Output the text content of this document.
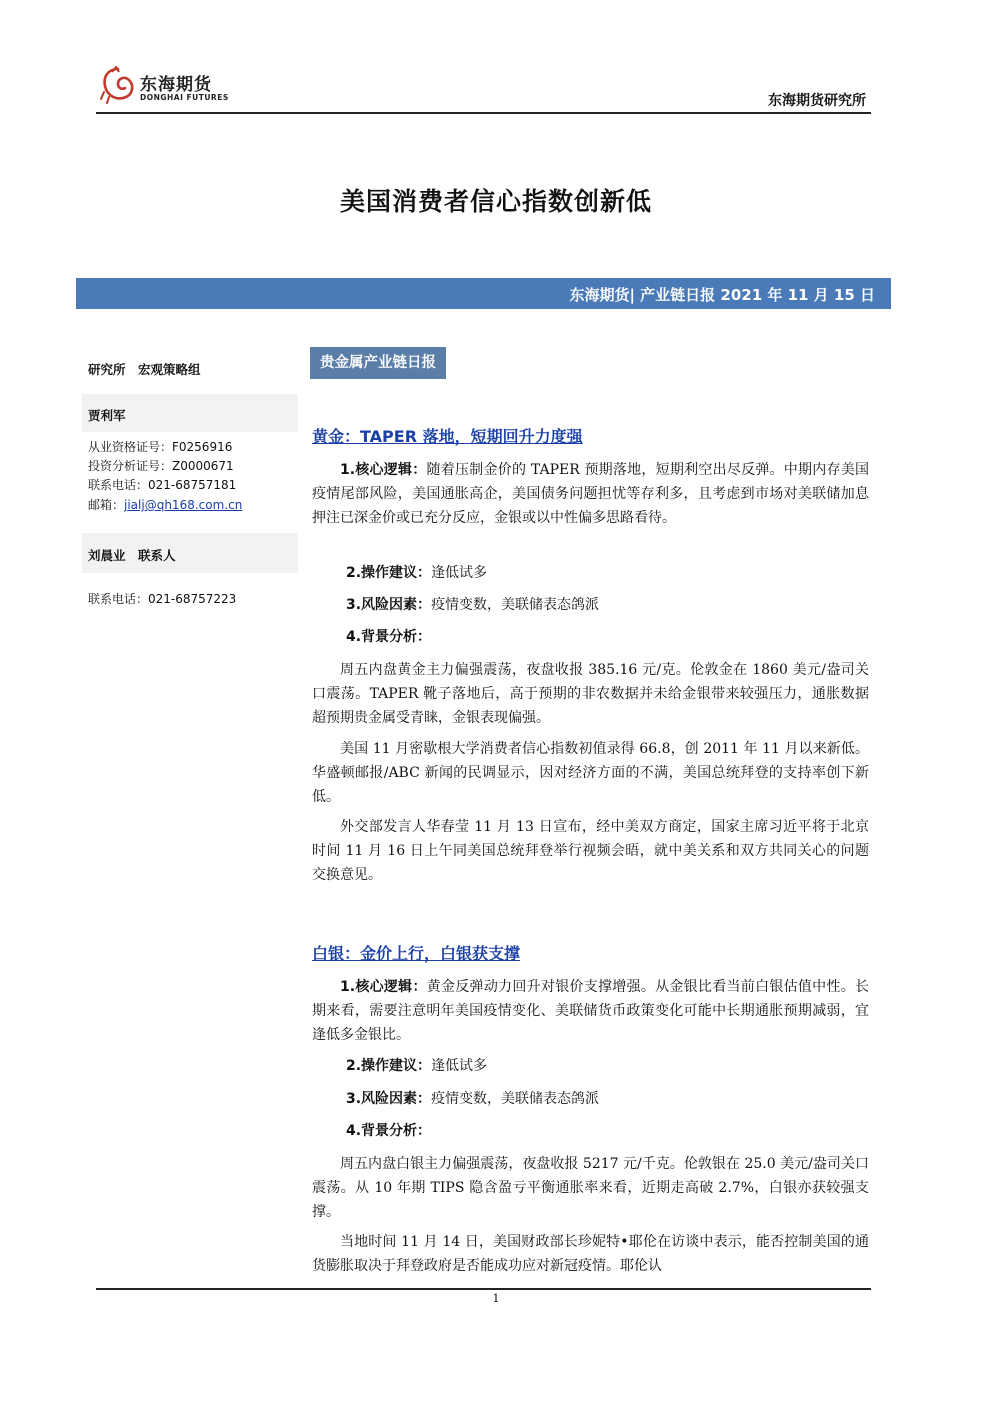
东海期货
DONGHAI FUTURES	东海期货研究所
美国消费者信心指数创新低
东海期货| 产业链日报 2021 年 11 月 15 日
研究所　宏观策略组
贾利军
从业资格证号：F0256916
投资分析证号：Z0000671
联系电话：021-68757181
邮箱：jialj@qh168.com.cn
刘晨业　联系人
联系电话：021-68757223
贵金属产业链日报
黄金：TAPER 落地，短期回升力度强
1.核心逻辑：随着压制金价的 TAPER 预期落地，短期利空出尽反弹。中期内存美国疫情尾部风险，美国通胀高企，美国债务问题担忧等存利多，且考虑到市场对美联储加息押注已深金价或已充分反应，金银或以中性偏多思路看待。
2.操作建议：逢低试多
3.风险因素：疫情变数，美联储表态鸽派
4.背景分析：
周五内盘黄金主力偏强震荡，夜盘收报 385.16 元/克。伦敦金在 1860 美元/盎司关口震荡。TAPER 靴子落地后，高于预期的非农数据并未给金银带来较强压力，通胀数据超预期贵金属受青睐，金银表现偏强。
美国 11 月密歇根大学消费者信心指数初值录得 66.8，创 2011 年 11 月以来新低。华盛顿邮报/ABC 新闻的民调显示，因对经济方面的不满，美国总统拜登的支持率创下新低。
外交部发言人华春莹 11 月 13 日宣布，经中美双方商定，国家主席习近平将于北京时间 11 月 16 日上午同美国总统拜登举行视频会晤，就中美关系和双方共同关心的问题交换意见。
白银：金价上行，白银获支撑
1.核心逻辑：黄金反弹动力回升对银价支撑增强。从金银比看当前白银估值中性。长期来看，需要注意明年美国疫情变化、美联储货币政策变化可能中长期通胀预期减弱，宜逢低多金银比。
2.操作建议：逢低试多
3.风险因素：疫情变数，美联储表态鸽派
4.背景分析：
周五内盘白银主力偏强震荡，夜盘收报 5217 元/千克。伦敦银在 25.0 美元/盎司关口震荡。从 10 年期 TIPS 隐含盈亏平衡通胀率来看，近期走高破 2.7%，白银亦获较强支撑。
当地时间 11 月 14 日，美国财政部长珍妮特•耶伦在访谈中表示，能否控制美国的通货膨胀取决于拜登政府是否能成功应对新冠疫情。耶伦认
1
